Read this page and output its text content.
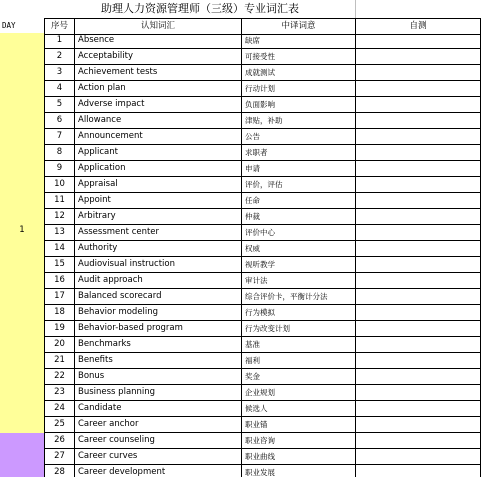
助理人力资源管理师（三级）专业词汇表
DAY	序号	认知词汇	中译词意	自测
1
1	Absence	缺席
2	Acceptability	可接受性
3	Achievement tests	成就测试
4	Action plan	行动计划
5	Adverse impact	负面影响
6	Allowance	津贴，补助
7	Announcement	公告
8	Applicant	求职者
9	Application	申请
10	Appraisal	评价，评估
11	Appoint	任命
12	Arbitrary	仲裁
13	Assessment center	评价中心
14	Authority	权威
15	Audiovisual instruction	视听教学
16	Audit approach	审计法
17	Balanced scorecard	综合评价卡，平衡计分法
18	Behavior modeling	行为模拟
19	Behavior-based program	行为改变计划
20	Benchmarks	基准
21	Benefits	福利
22	Bonus	奖金
23	Business planning	企业规划
24	Candidate	候选人
25	Career anchor	职业锚
26	Career counseling	职业咨询
27	Career curves	职业曲线
28	Career development	职业发展
